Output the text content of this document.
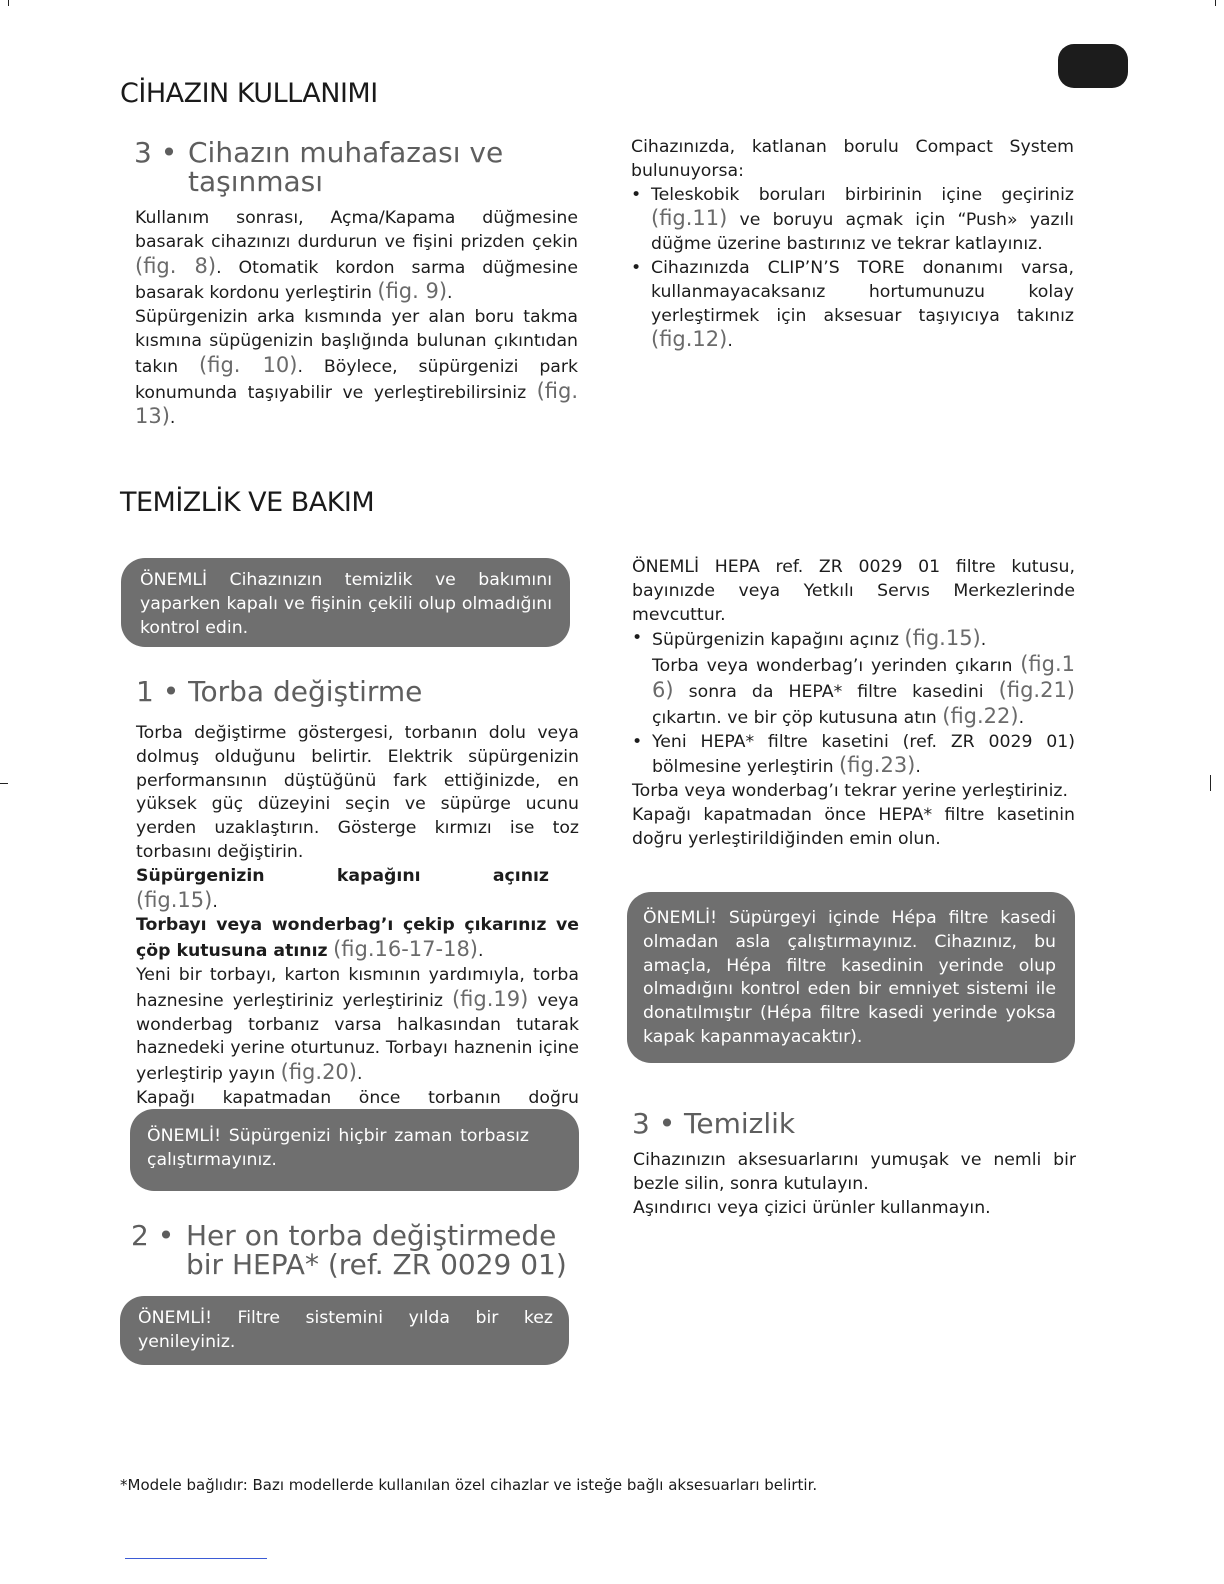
CİHAZIN KULLANIMI
TEMİZLİK VE BAKIM
3 • Cihazın muhafazası ve
taşınması

Kullanım sonrası, Açma/Kapama düğmesine basarak cihazınızı durdurun ve fişini prizden çekin (fig. 8). Otomatik kordon sarma düğmesine basarak kordonu yerleştirin (fig. 9).

Süpürgenizin arka kısmında yer alan boru takma kısmına süpügenizin başlığında bulunan çıkıntıdan takın (fig. 10). Böylece, süpürgenizi park konumunda taşıyabilir ve yerleştirebilirsiniz (fig. 13).

Cihazınızda, katlanan borulu Compact System bulunuyorsa:

• Teleskobik boruları birbirinin içine geçiriniz (fig.11) ve boruyu açmak için “Push» yazılı düğme üzerine bastırınız ve tekrar katlayınız.
• Cihazınızda CLIP’N’S TORE donanımı varsa, kullanmayacaksanız hortumunuzu kolay yerleştirmek için aksesuar taşıyıcıya takınız (fig.12).
ÖNEMLİ Cihazınızın temizlik ve bakımını yaparken kapalı ve fişinin çekili olup olmadığını kontrol edin.
1 • Torba değiştirme

Torba değiştirme göstergesi, torbanın dolu veya dolmuş olduğunu belirtir. Elektrik süpürgenizin performansının düştüğünü fark ettiğinizde, en yüksek güç düzeyini seçin ve süpürge ucunu yerden uzaklaştırın. Gösterge kırmızı ise toz torbasını değiştirin.

Süpürgenizin kapağını açınız(fig.15).

Torbayı veya wonderbag’ı çekip çıkarınız ve çöp kutusuna atınız (fig.16-17-18).

Yeni bir torbayı, karton kısmının yardımıyla, torba haznesine yerleştiriniz yerleştiriniz (fig.19) veya wonderbag torbanız varsa halkasından tutarak haznedeki yerine oturtunuz. Torbayı haznenin içine yerleştirip yayın (fig.20).

Kapağı kapatmadan önce torbanın doğru

ÖNEMLİ! Süpürgenizi hiçbir zaman torbasız çalıştırmayınız.
2 • Her on torba değiştirmede
bir HEPA* (ref. ZR 0029 01)
ÖNEMLİ! Filtre sistemini yılda bir kez yenileyiniz.

ÖNEMLİ HEPA ref. ZR 0029 01 filtre kutusu, bayınızde veya Yetkılı Servıs Merkezlerinde mevcuttur.

• Süpürgenizin kapağını açınız (fig.15).
Torba veya wonderbag’ı yerinden çıkarın (fig.1 6) sonra da HEPA* filtre kasedini (fig.21) çıkartın. ve bir çöp kutusuna atın (fig.22).
• Yeni HEPA* filtre kasetini (ref. ZR 0029 01) bölmesine yerleştirin (fig.23).

Torba veya wonderbag’ı tekrar yerine yerleştiriniz.

Kapağı kapatmadan önce HEPA* filtre kasetinin doğru yerleştirildiğinden emin olun.

ÖNEMLİ! Süpürgeyi içinde Hépa filtre kasedi olmadan asla çalıştırmayınız. Cihazınız, bu amaçla, Hépa filtre kasedinin yerinde olup olmadığını kontrol eden bir emniyet sistemi ile donatılmıştır (Hépa filtre kasedi yerinde yoksa kapak kapanmayacaktır).
3 • Temizlik

Cihazınızın aksesuarlarını yumuşak ve nemli bir bezle silin, sonra kutulayın.

Aşındırıcı veya çizici ürünler kullanmayın.

*Modele bağlıdır: Bazı modellerde kullanılan özel cihazlar ve isteğe bağlı aksesuarları belirtir.
